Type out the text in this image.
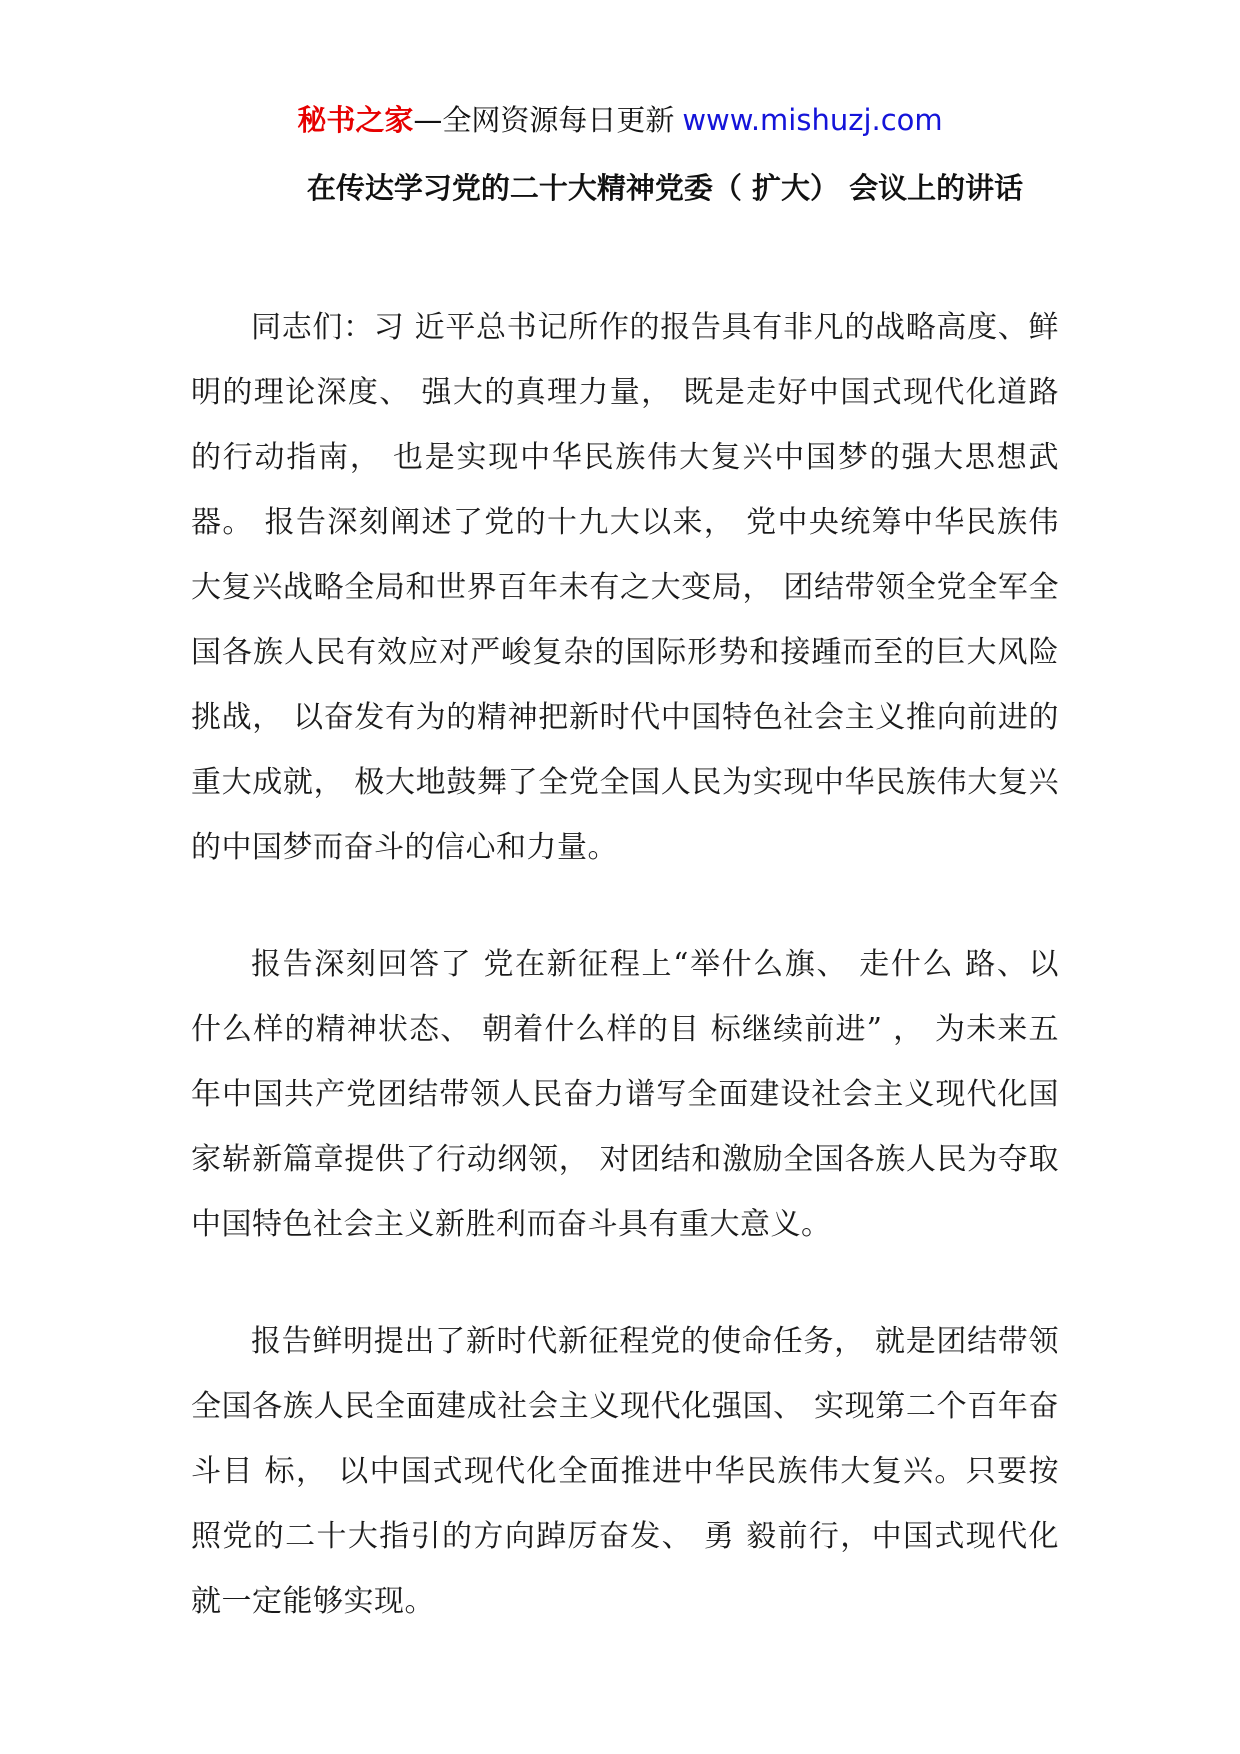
秘书之家—全网资源每日更新 www.mishuzj.com
在传达学习党的二十大精神党委（ 扩大） 会议上的讲话

同志们：习 近平总书记所作的报告具有非凡的战略高度、鲜明的理论深度、 强大的真理力量， 既是走好中国式现代化道路的行动指南， 也是实现中华民族伟大复兴中国梦的强大思想武器。 报告深刻阐述了党的十九大以来， 党中央统筹中华民族伟大复兴战略全局和世界百年未有之大变局， 团结带领全党全军全国各族人民有效应对严峻复杂的国际形势和接踵而至的巨大风险挑战， 以奋发有为的精神把新时代中国特色社会主义推向前进的重大成就， 极大地鼓舞了全党全国人民为实现中华民族伟大复兴的中国梦而奋斗的信心和力量。

报告深刻回答了 党在新征程上“举什么旗、 走什么 路、以什么样的精神状态、 朝着什么样的目 标继续前进” ， 为未来五年中国共产党团结带领人民奋力谱写全面建设社会主义现代化国家崭新篇章提供了行动纲领， 对团结和激励全国各族人民为夺取中国特色社会主义新胜利而奋斗具有重大意义。

报告鲜明提出了新时代新征程党的使命任务， 就是团结带领全国各族人民全面建成社会主义现代化强国、 实现第二个百年奋斗目 标， 以中国式现代化全面推进中华民族伟大复兴。只要按照党的二十大指引的方向踔厉奋发、 勇 毅前行，中国式现代化就一定能够实现。
